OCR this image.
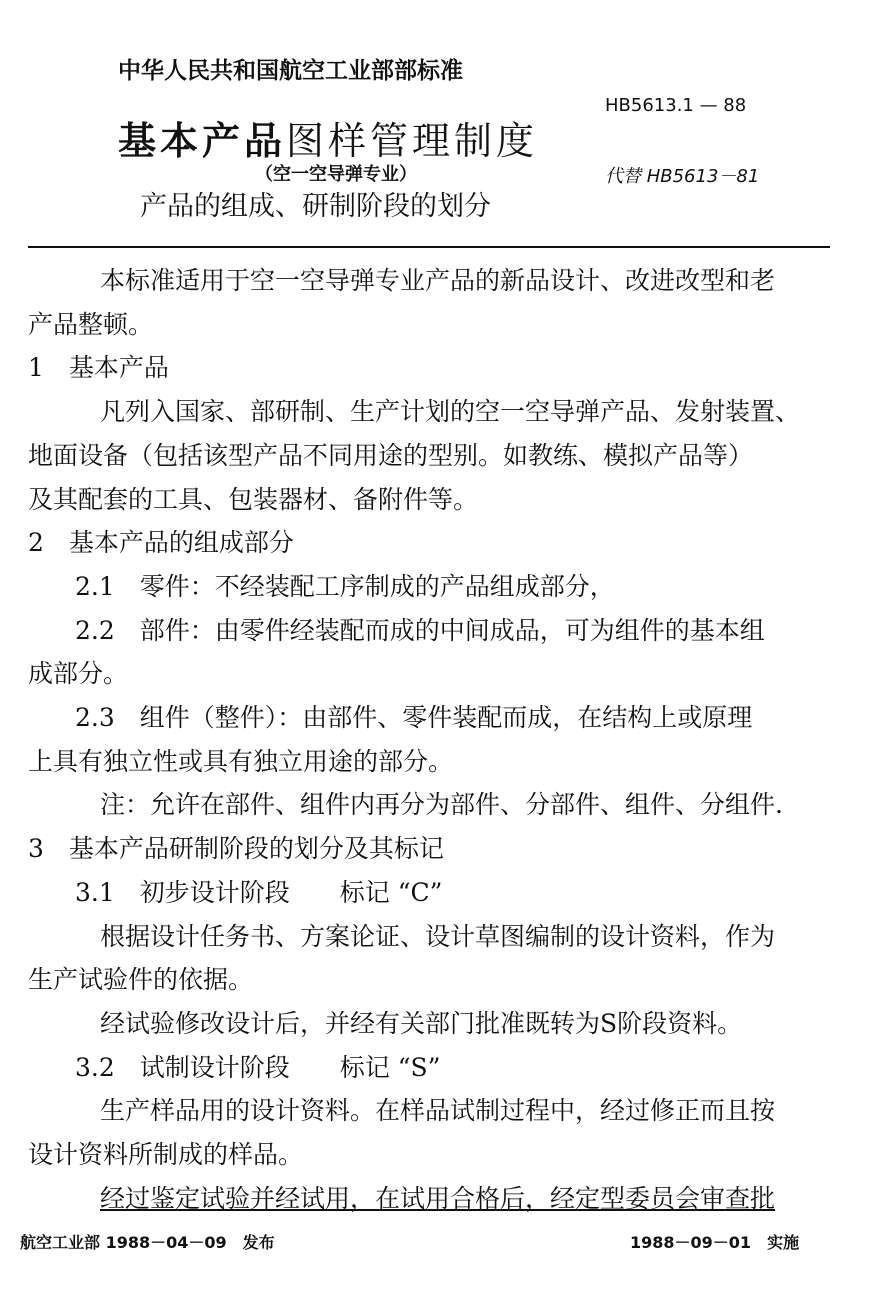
中华人民共和国航空工业部部标准
基本产品图样管理制度
（空一空导弹专业）
产品的组成、研制阶段的划分
HB5613.1 — 88
代替 HB5613－81
本标准适用于空一空导弹专业产品的新品设计、改进改型和老
产品整顿。
1　基本产品
凡列入国家、部研制、生产计划的空一空导弹产品、发射装置、
地面设备（包括该型产品不同用途的型别。如教练、模拟产品等）
及其配套的工具、包装器材、备附件等。
2　基本产品的组成部分
2.1　零件：不经装配工序制成的产品组成部分，
2.2　部件：由零件经装配而成的中间成品，可为组件的基本组
成部分。
2.3　组件（整件）：由部件、零件装配而成，在结构上或原理
上具有独立性或具有独立用途的部分。
注：允许在部件、组件内再分为部件、分部件、组件、分组件.
3　基本产品研制阶段的划分及其标记
3.1　初步设计阶段　　标记 “C”
根据设计任务书、方案论证、设计草图编制的设计资料，作为
生产试验件的依据。
经试验修改设计后，并经有关部门批准既转为S阶段资料。
3.2　试制设计阶段　　标记 “S”
生产样品用的设计资料。在样品试制过程中，经过修正而且按
设计资料所制成的样品。
经过鉴定试验并经试用，在试用合格后，经定型委员会审查批
航空工业部 1988－04－09　发布	1988－09－01　实施
